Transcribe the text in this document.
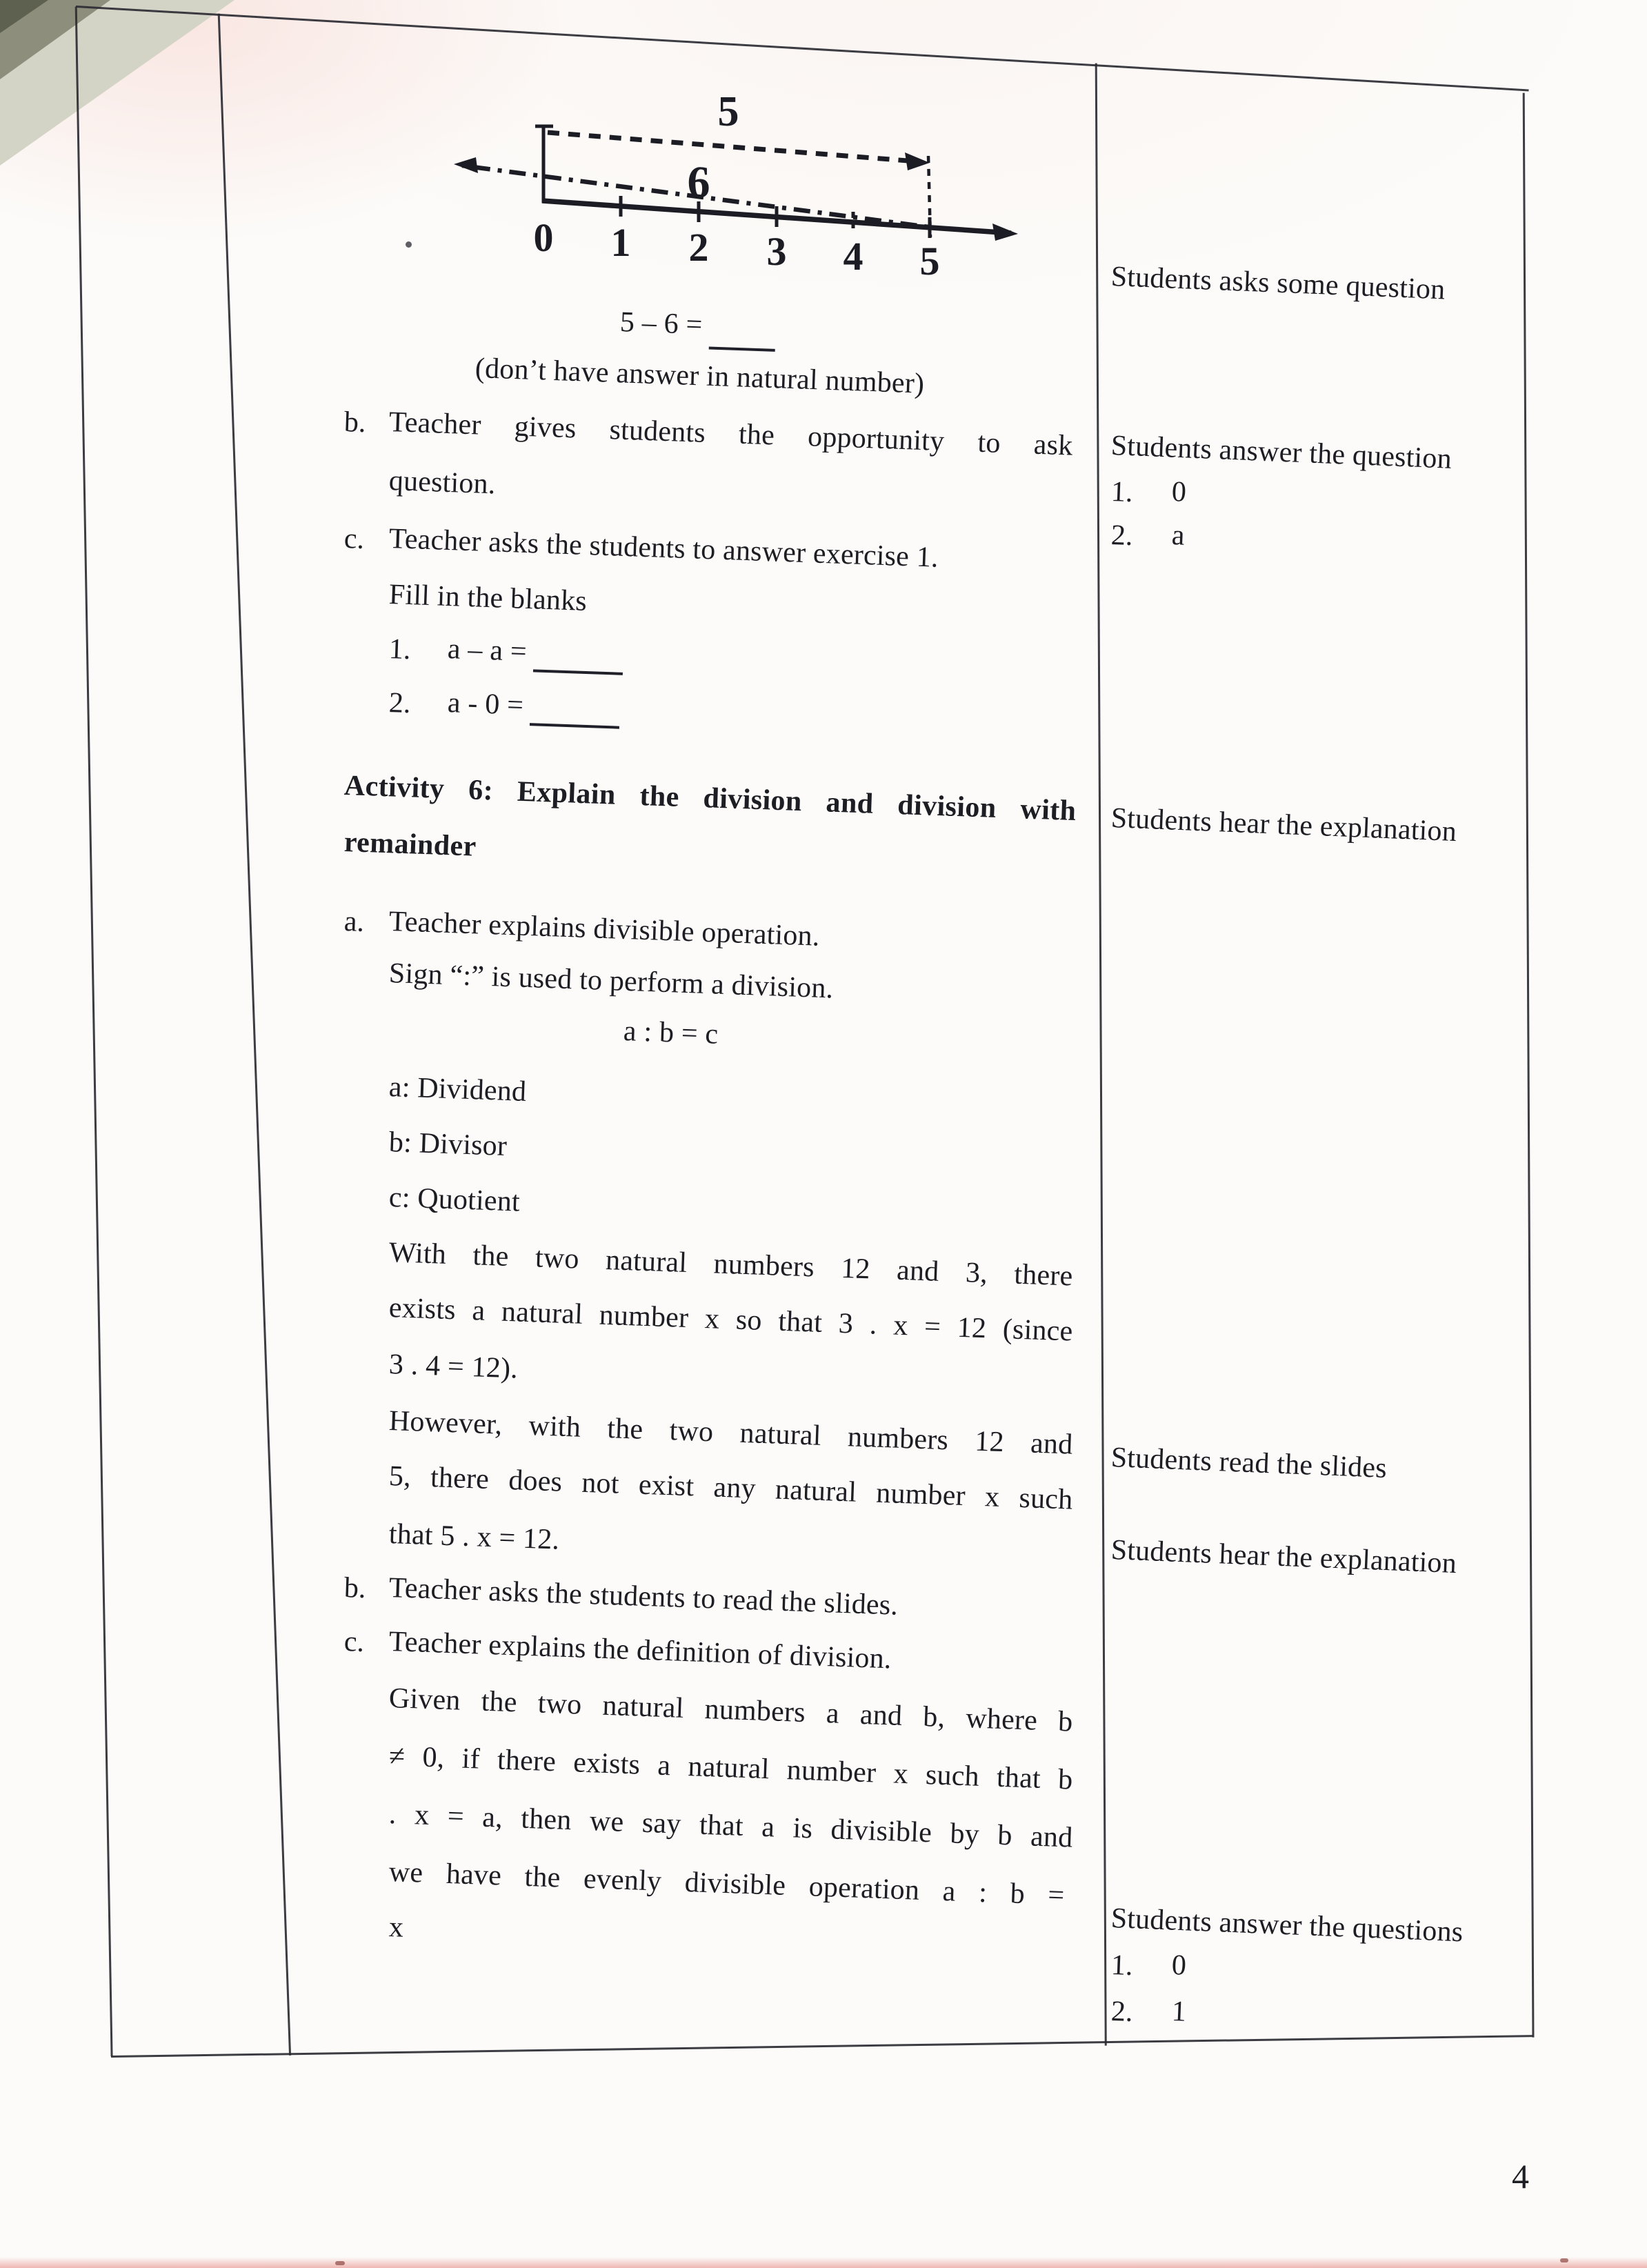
5
6
0 1 2 3 4 5
5 – 6 =
(don’t have answer in natural number)
b. Teacher gives students the opportunity to ask
question.
c. Teacher asks the students to answer exercise 1.
Fill in the blanks
1. a – a =
2. a - 0 =
Activity 6: Explain the division and division with
remainder
a. Teacher explains divisible operation.
Sign “:” is used to perform a division.
a : b = c
a: Dividend
b: Divisor
c: Quotient
With the two natural numbers 12 and 3, there
exists a natural number x so that 3 . x = 12 (since
3 . 4 = 12).
However, with the two natural numbers 12 and
5, there does not exist any natural number x such
that 5 . x = 12.
b. Teacher asks the students to read the slides.
c. Teacher explains the definition of division.
Given the two natural numbers a and b, where b
≠ 0, if there exists a natural number x such that b
. x = a, then we say that a is divisible by b and
we have the evenly divisible operation a : b =
x
Students asks some question
Students answer the question
1. 0
2. a
Students hear the explanation
Students read the slides
Students hear the explanation
Students answer the questions
1. 0
2. 1
4
